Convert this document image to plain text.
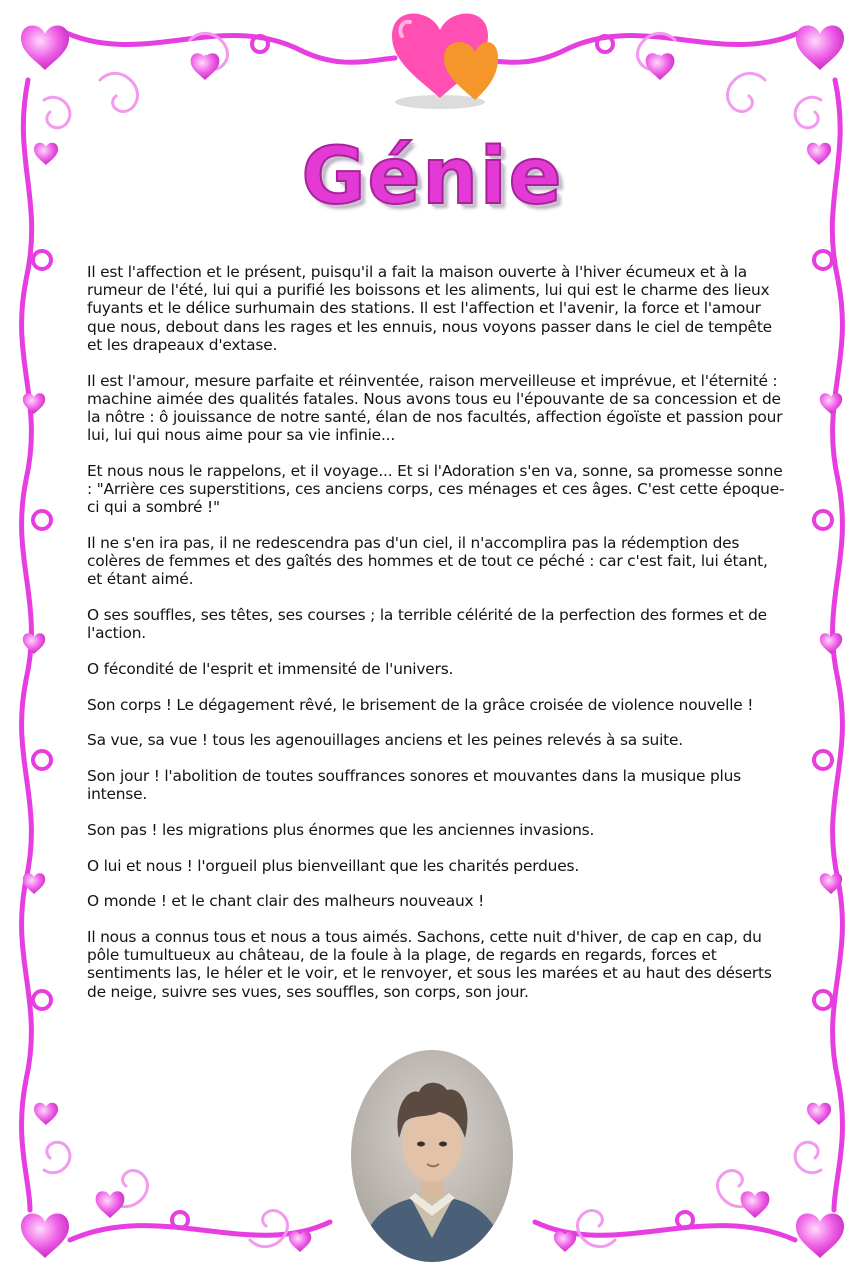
Génie

Il est l'affection et le présent, puisqu'il a fait la maison ouverte à l'hiver écumeux et à la rumeur de l'été, lui qui a purifié les boissons et les aliments, lui qui est le charme des lieux fuyants et le délice surhumain des stations. Il est l'affection et l'avenir, la force et l'amour que nous, debout dans les rages et les ennuis, nous voyons passer dans le ciel de tempête et les drapeaux d'extase.

Il est l'amour, mesure parfaite et réinventée, raison merveilleuse et imprévue, et l'éternité : machine aimée des qualités fatales. Nous avons tous eu l'épouvante de sa concession et de la nôtre : ô jouissance de notre santé, élan de nos facultés, affection égoïste et passion pour lui, lui qui nous aime pour sa vie infinie...

Et nous nous le rappelons, et il voyage... Et si l'Adoration s'en va, sonne, sa promesse sonne : "Arrière ces superstitions, ces anciens corps, ces ménages et ces âges. C'est cette époque-ci qui a sombré !"

Il ne s'en ira pas, il ne redescendra pas d'un ciel, il n'accomplira pas la rédemption des colères de femmes et des gaîtés des hommes et de tout ce péché : car c'est fait, lui étant, et étant aimé.

O ses souffles, ses têtes, ses courses ; la terrible célérité de la perfection des formes et de l'action.

O fécondité de l'esprit et immensité de l'univers.

Son corps ! Le dégagement rêvé, le brisement de la grâce croisée de violence nouvelle !

Sa vue, sa vue ! tous les agenouillages anciens et les peines relevés à sa suite.

Son jour ! l'abolition de toutes souffrances sonores et mouvantes dans la musique plus intense.

Son pas ! les migrations plus énormes que les anciennes invasions.

O lui et nous ! l'orgueil plus bienveillant que les charités perdues.

O monde ! et le chant clair des malheurs nouveaux !

Il nous a connus tous et nous a tous aimés. Sachons, cette nuit d'hiver, de cap en cap, du pôle tumultueux au château, de la foule à la plage, de regards en regards, forces et sentiments las, le héler et le voir, et le renvoyer, et sous les marées et au haut des déserts de neige, suivre ses vues, ses souffles, son corps, son jour.
